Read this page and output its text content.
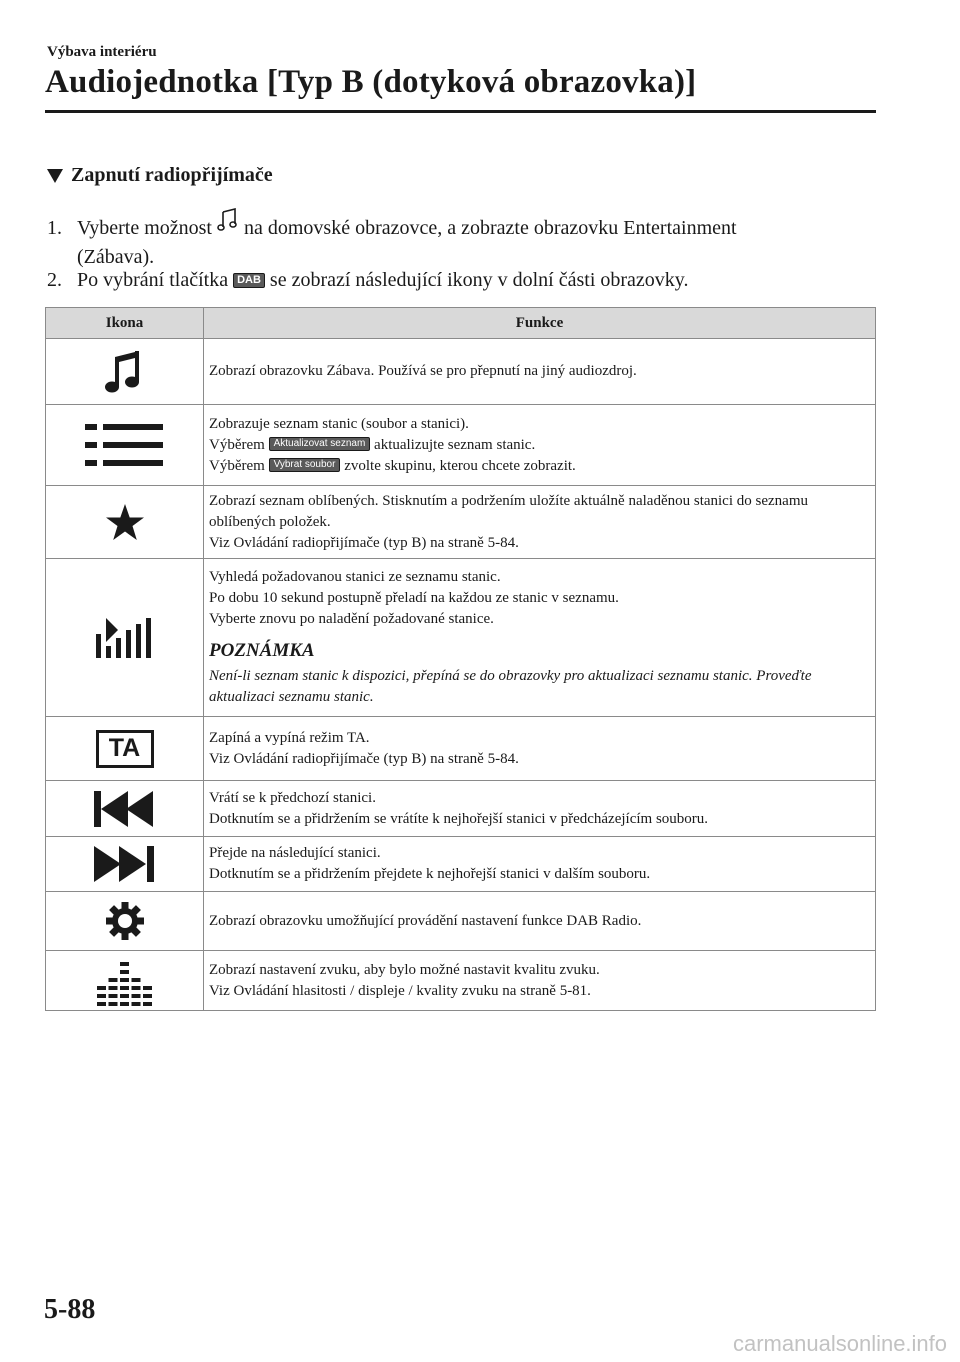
Výbava interiéru
Audiojednotka [Typ B (dotyková obrazovka)]
Zapnutí radiopřijímače
1. Vyberte možnost na domovské obrazovce, a zobrazte obrazovku Entertainment
(Zábava).
2. Po vybrání tlačítka DAB se zobrazí následující ikony v dolní části obrazovky.
Ikona	Funkce

Zobrazí obrazovku Zábava. Používá se pro přepnutí na jiný audiozdroj.

Zobrazuje seznam stanic (soubor a stanici).
Výběrem Aktualizovat seznam aktualizujte seznam stanic.
Výběrem Vybrat soubor zvolte skupinu, kterou chcete zobrazit.

Zobrazí seznam oblíbených. Stisknutím a podržením uložíte aktuálně naladěnou stanici do seznamu oblíbených položek.
Viz Ovládání radiopřijímače (typ B) na straně 5-84.

Vyhledá požadovanou stanici ze seznamu stanic.
Po dobu 10 sekund postupně přeladí na každou ze stanic v seznamu.
Vyberte znovu po naladění požadované stanice.
POZNÁMKA
Není-li seznam stanic k dispozici, přepíná se do obrazovky pro aktualizaci seznamu stanic. Proveďte aktualizaci seznamu stanic.

TA	Zapíná a vypíná režim TA.
Viz Ovládání radiopřijímače (typ B) na straně 5-84.

Vrátí se k předchozí stanici.
Dotknutím se a přidržením se vrátíte k nejhořejší stanici v předcházejícím souboru.

Přejde na následující stanici.
Dotknutím se a přidržením přejdete k nejhořejší stanici v dalším souboru.

Zobrazí obrazovku umožňující provádění nastavení funkce DAB Radio.

Zobrazí nastavení zvuku, aby bylo možné nastavit kvalitu zvuku.
Viz Ovládání hlasitosti / displeje / kvality zvuku na straně 5-81.
5-88
carmanualsonline.info
